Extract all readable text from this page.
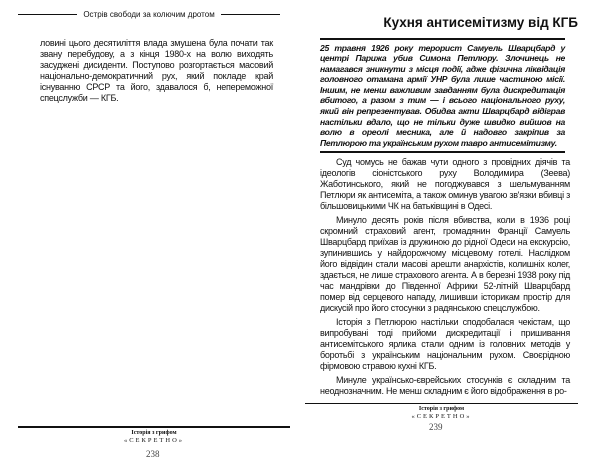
Острів свободи за колючим дротом

ловині цього десятиліття влада змушена була почати так звану перебудову, а з кінця 1980-х на волю виходять засуджені дисиденти. Поступово розгортається масовий національно-демократичний рух, який покладе край існуванню СРСР та його, здавалося б, непереможної спецслужби — КГБ.

Історія з грифом
«СЕКРЕТНО»
238
Кухня антисемітизму від КГБ
25 травня 1926 року терорист Самуель Шварцбард у центрі Парижа убив Симона Петлюру. Злочинець не намагався зникнути з місця події, адже фізична ліквідація головного отамана армії УНР була лише частиною місії. Іншим, не менш важливим завданням була дискредитація вбитого, а разом з тим — і всього національного руху, який він репрезентував. Обидва акти Шварцбард відіграв настільки вдало, що не тільки дуже швидко вийшов на волю в ореолі месника, але й надовго закріпив за Петлюрою та українським рухом тавро антисемітизму.

Суд чомусь не бажав чути одного з провідних діячів та ідеологів сіоністського руху Володимира (Зеева) Жаботинського, який не погоджувався з шельмуванням Петлюри як антисеміта, а також оминув увагою зв'язки вбивці з більшовицькими ЧК на батьківщині в Одесі.

Минуло десять років після вбивства, коли в 1936 році скромний страховий агент, громадянин Франції Самуель Шварцбард приїхав із дружиною до рідної Одеси на екскурсію, зупинившись у найдорожчому місцевому готелі. Наслідком його відвідин стали масові арешти анархістів, колишніх колег, здається, не лише страхового агента. А в березні 1938 року під час мандрівки до Південної Африки 52-літній Шварцбард помер від серцевого нападу, лишивши історикам простір для дискусій про його стосунки з радянською спецслужбою.

Історія з Петлюрою настільки сподобалася чекістам, що випробувані тоді прийоми дискредитації і пришивання антисемітського ярлика стали одним із головних методів у боротьбі з українським національним рухом. Своєрідною фірмовою стравою кухні КГБ.

Минуле українсько-єврейських стосунків є складним та неоднозначним. Не менш складним є його відображення в ро-

Історія з грифом
«СЕКРЕТНО»
239
